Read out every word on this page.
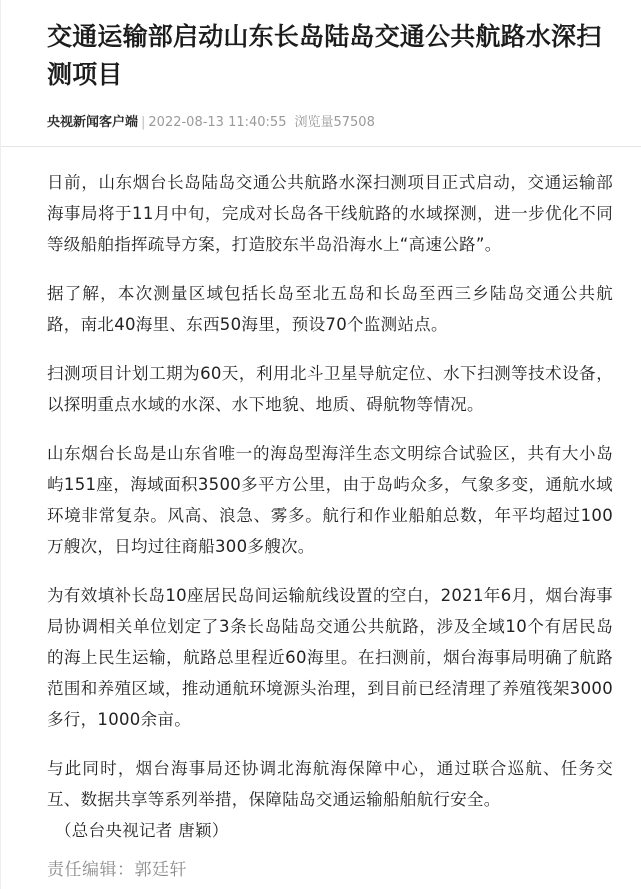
交通运输部启动山东长岛陆岛交通公共航路水深扫测项目
央视新闻客户端 | 2022-08-13 11:40:55 浏览量57508

日前，山东烟台长岛陆岛交通公共航路水深扫测项目正式启动，交通运输部海事局将于11月中旬，完成对长岛各干线航路的水域探测，进一步优化不同等级船舶指挥疏导方案，打造胶东半岛沿海水上“高速公路”。

据了解，本次测量区域包括长岛至北五岛和长岛至西三乡陆岛交通公共航路，南北40海里、东西50海里，预设70个监测站点。

扫测项目计划工期为60天，利用北斗卫星导航定位、水下扫测等技术设备，以探明重点水域的水深、水下地貌、地质、碍航物等情况。

山东烟台长岛是山东省唯一的海岛型海洋生态文明综合试验区，共有大小岛屿151座，海域面积3500多平方公里，由于岛屿众多，气象多变，通航水域环境非常复杂。风高、浪急、雾多。航行和作业船舶总数，年平均超过100万艘次，日均过往商船300多艘次。

为有效填补长岛10座居民岛间运输航线设置的空白，2021年6月，烟台海事局协调相关单位划定了3条长岛陆岛交通公共航路，涉及全域10个有居民岛的海上民生运输，航路总里程近60海里。在扫测前，烟台海事局明确了航路范围和养殖区域，推动通航环境源头治理，到目前已经清理了养殖筏架3000多行，1000余亩。

与此同时，烟台海事局还协调北海航海保障中心，通过联合巡航、任务交互、数据共享等系列举措，保障陆岛交通运输船舶航行安全。
（总台央视记者 唐颖）

责任编辑：郭廷轩
